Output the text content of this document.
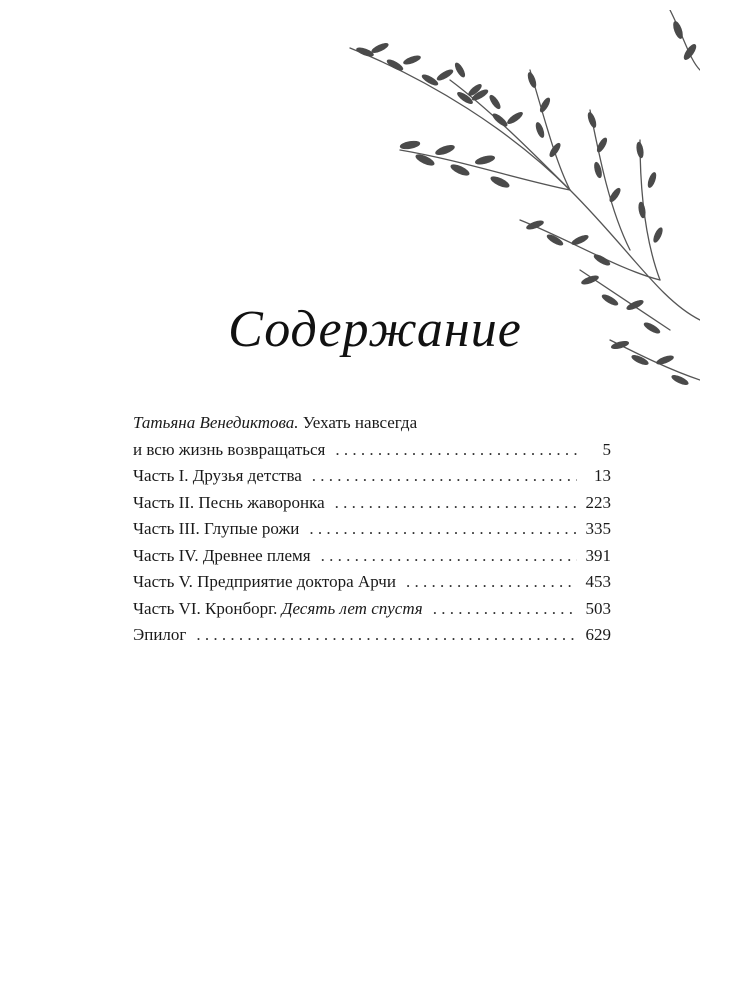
Содержание
Татьяна Венедиктова. Уехать навсегда
и всю жизнь возвращаться . . .	5
Часть I. Друзья детства . . .	13
Часть II. Песнь жаворонка . . .	223
Часть III. Глупые рожи . . .	335
Часть IV. Древнее племя . . .	391
Часть V. Предприятие доктора Арчи . . .	453
Часть VI. Кронборг. Десять лет спустя . . .	503
Эпилог . . .	629
